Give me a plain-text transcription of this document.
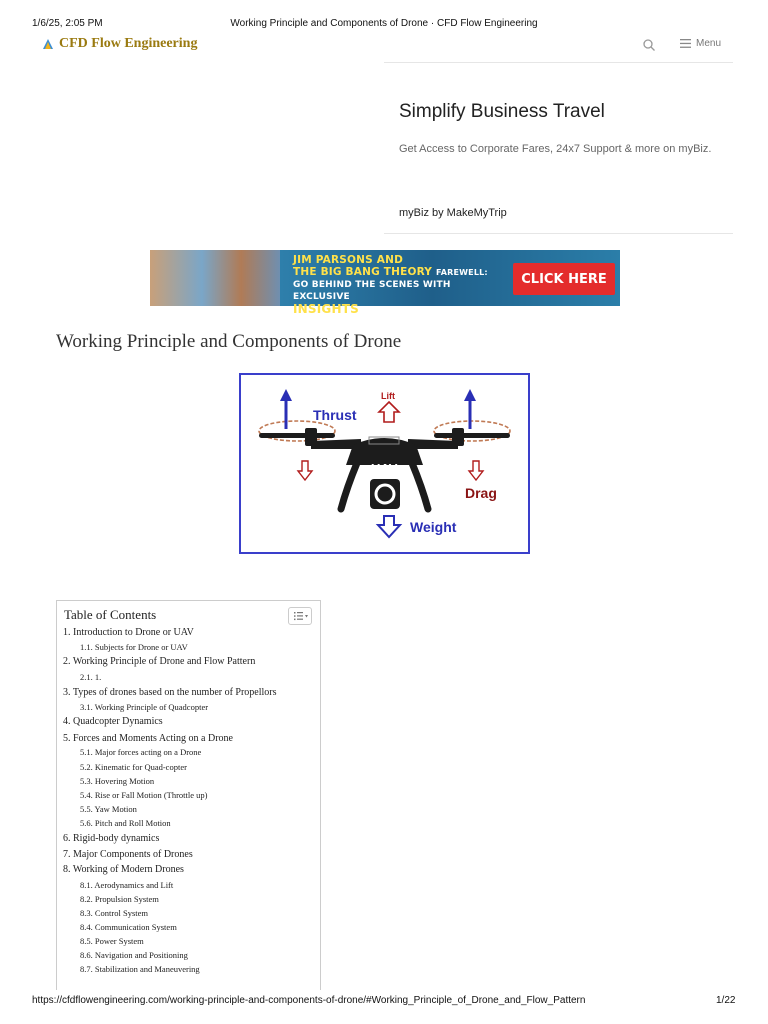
1/6/25, 2:05 PM	Working Principle and Components of Drone · CFD Flow Engineering
CFD Flow Engineering	Menu
Simplify Business Travel
Get Access to Corporate Fares, 24x7 Support & more on myBiz.
myBiz by MakeMyTrip
JIM PARSONS AND
THE BIG BANG THEORY FAREWELL:
GO BEHIND THE SCENES WITH EXCLUSIVE
INSIGHTS FROM THE STAR HIMSELF!
CLICK HERE
Working Principle and Components of Drone
UAV
Thrust
Lift
Drag
Weight
Table of Contents
1. Introduction to Drone or UAV
1.1. Subjects for Drone or UAV
2. Working Principle of Drone and Flow Pattern
2.1. 1.
3. Types of drones based on the number of Propellors
3.1. Working Principle of Quadcopter
4. Quadcopter Dynamics
5. Forces and Moments Acting on a Drone
5.1. Major forces acting on a Drone
5.2. Kinematic for Quad-copter
5.3. Hovering Motion
5.4. Rise or Fall Motion (Throttle up)
5.5. Yaw Motion
5.6. Pitch and Roll Motion
6. Rigid-body dynamics
7. Major Components of Drones
8. Working of Modern Drones
8.1. Aerodynamics and Lift
8.2. Propulsion System
8.3. Control System
8.4. Communication System
8.5. Power System
8.6. Navigation and Positioning
8.7. Stabilization and Maneuvering
https://cfdflowengineering.com/working-principle-and-components-of-drone/#Working_Principle_of_Drone_and_Flow_Pattern	1/22
